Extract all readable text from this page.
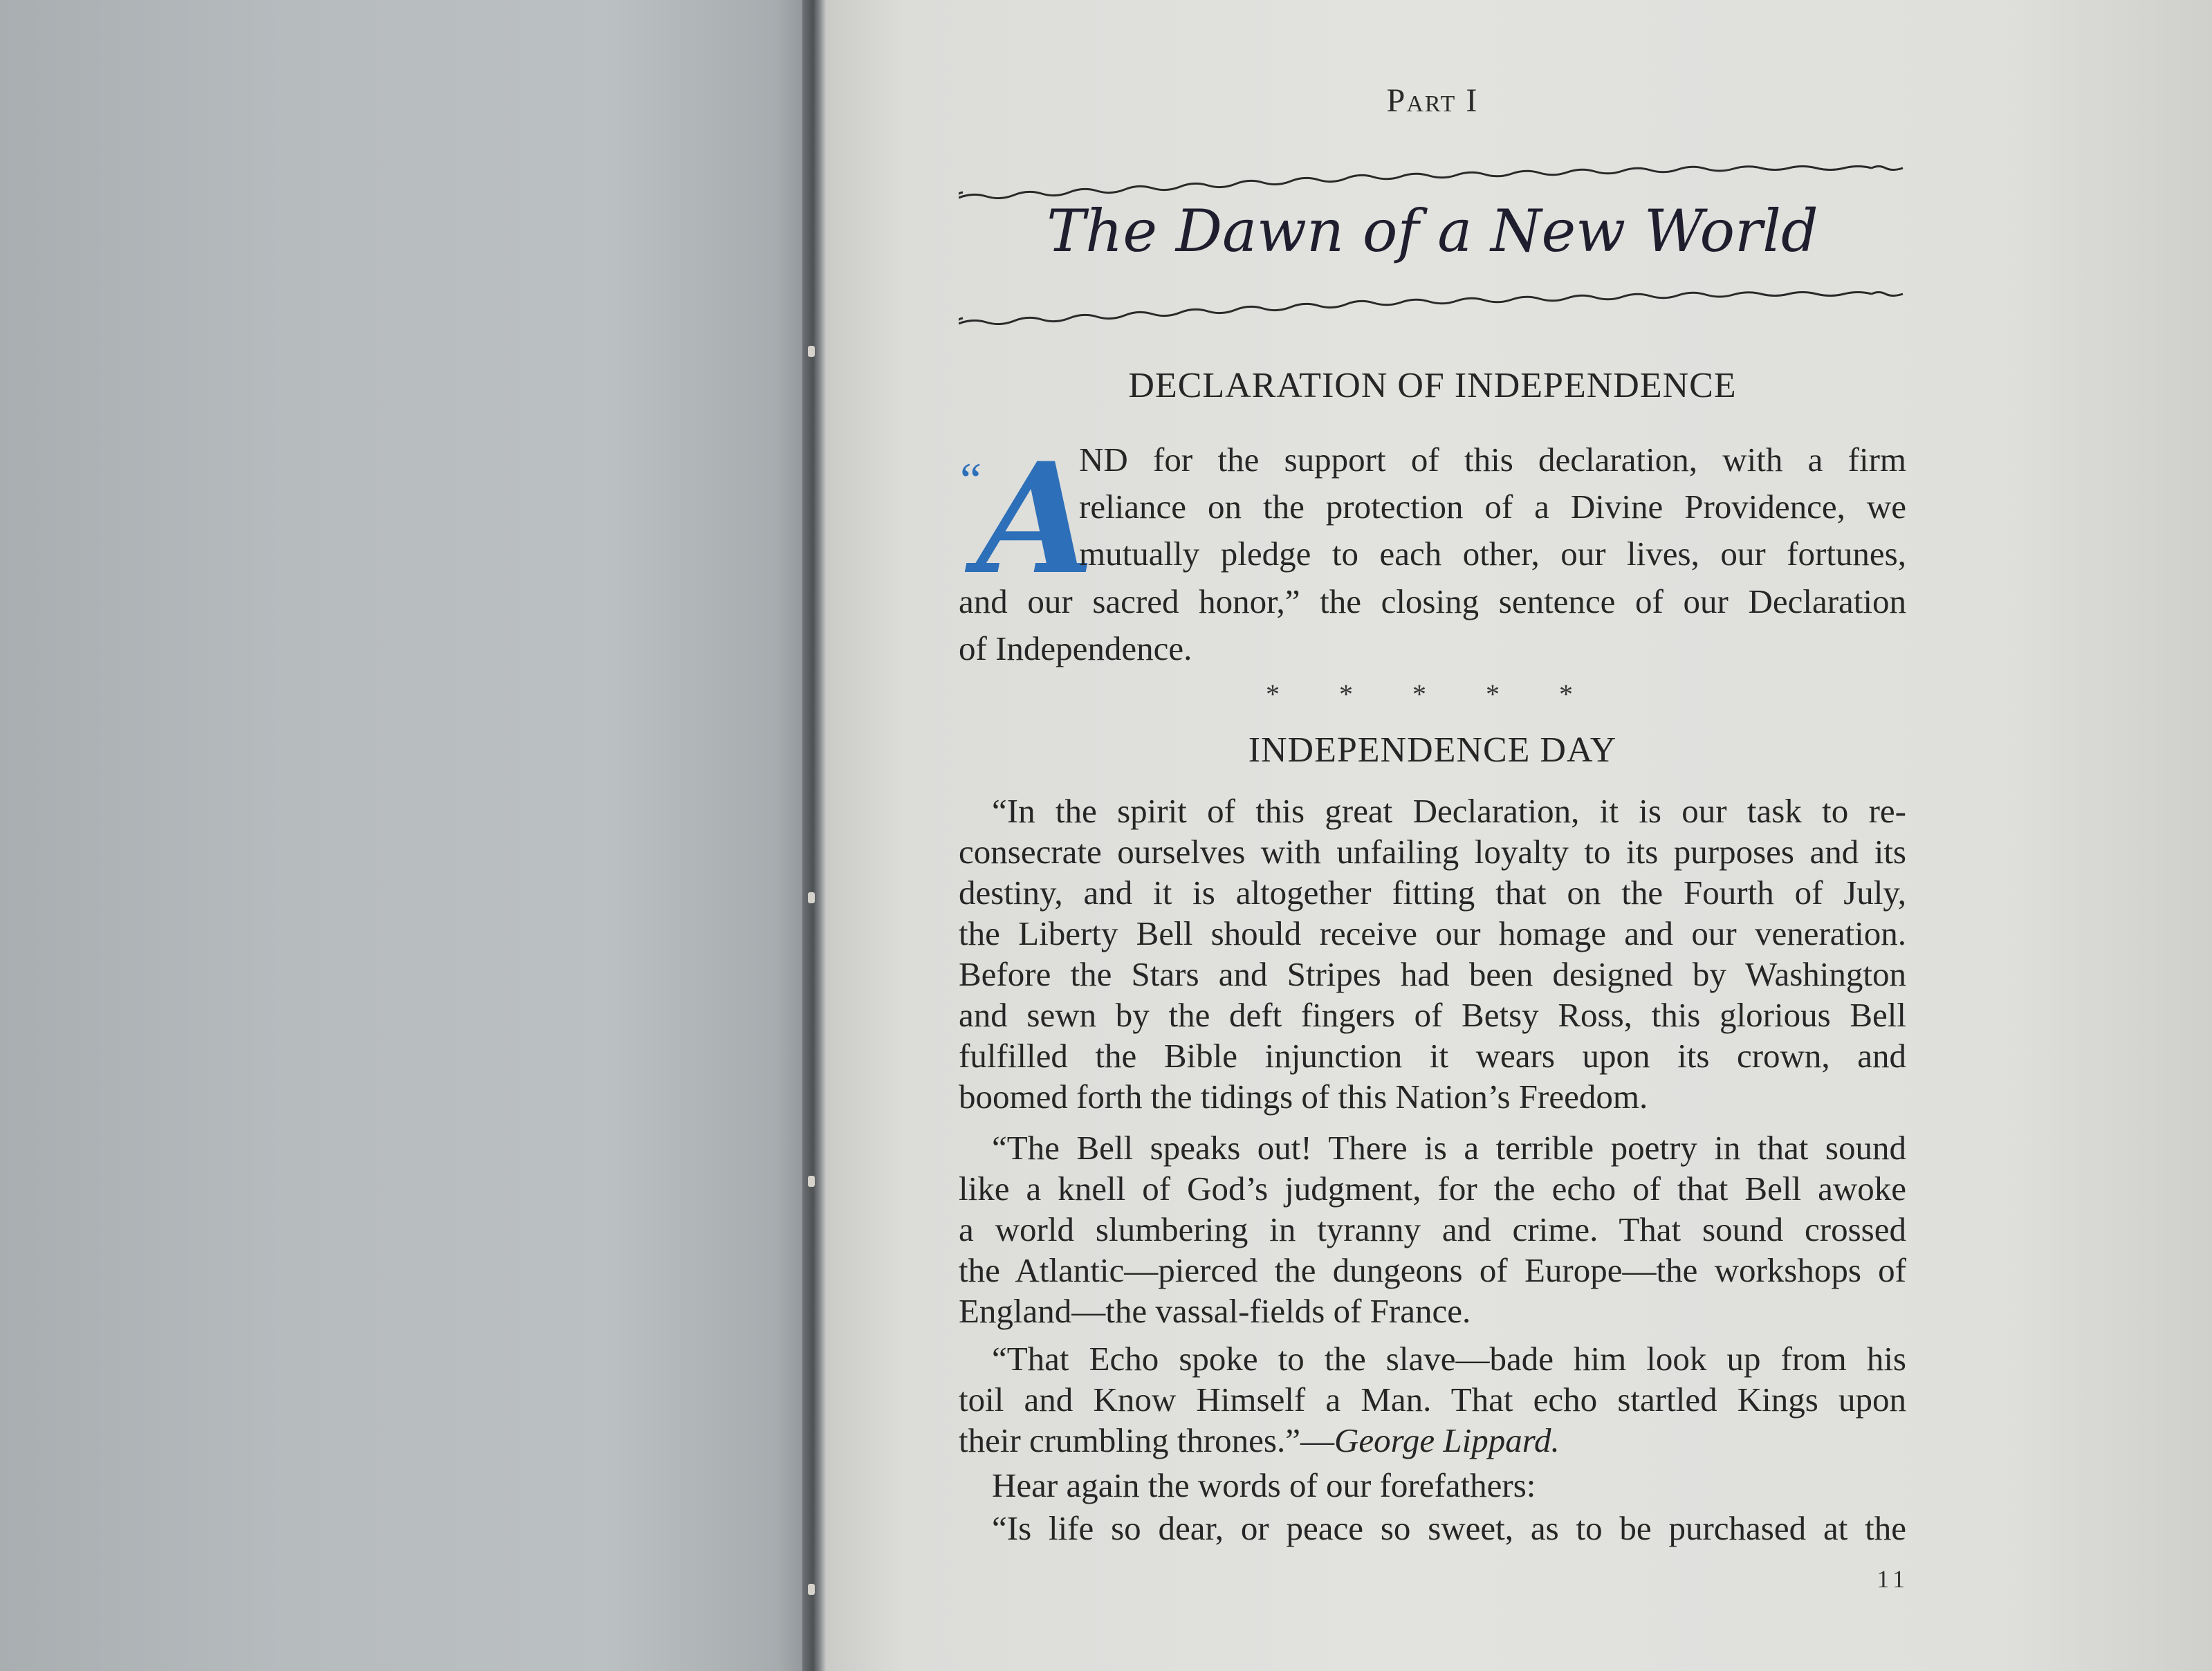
Part I
The Dawn of a New World
DECLARATION OF INDEPENDENCE
“
A
ND for the support of this declaration, with a firm
reliance on the protection of a Divine Providence, we
mutually pledge to each other, our lives, our fortunes,
and our sacred honor,” the closing sentence of our Declaration
of Independence.
* * * * *
INDEPENDENCE DAY
“In the spirit of this great Declaration, it is our task to re-
consecrate ourselves with unfailing loyalty to its purposes and its
destiny, and it is altogether fitting that on the Fourth of July,
the Liberty Bell should receive our homage and our veneration.
Before the Stars and Stripes had been designed by Washington
and sewn by the deft fingers of Betsy Ross, this glorious Bell
fulfilled the Bible injunction it wears upon its crown, and
boomed forth the tidings of this Nation’s Freedom.
“The Bell speaks out! There is a terrible poetry in that sound
like a knell of God’s judgment, for the echo of that Bell awoke
a world slumbering in tyranny and crime. That sound crossed
the Atlantic—pierced the dungeons of Europe—the workshops of
England—the vassal-fields of France.
“That Echo spoke to the slave—bade him look up from his
toil and Know Himself a Man. That echo startled Kings upon
their crumbling thrones.”—George Lippard.
Hear again the words of our forefathers:
“Is life so dear, or peace so sweet, as to be purchased at the
11
